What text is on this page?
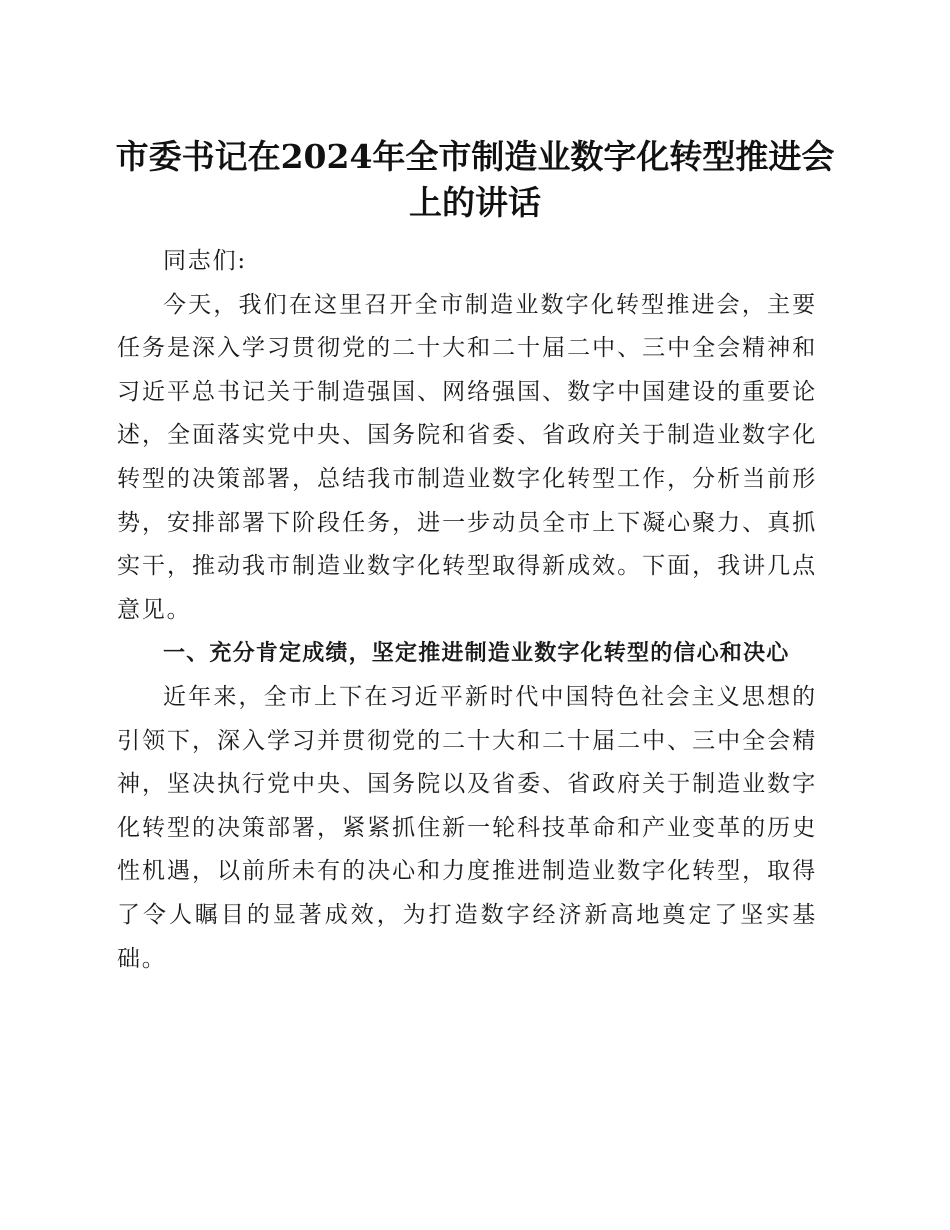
市委书记在2024年全市制造业数字化转型推进会上的讲话

同志们:

今天，我们在这里召开全市制造业数字化转型推进会，主要任务是深入学习贯彻党的二十大和二十届二中、三中全会精神和习近平总书记关于制造强国、网络强国、数字中国建设的重要论述，全面落实党中央、国务院和省委、省政府关于制造业数字化转型的决策部署，总结我市制造业数字化转型工作，分析当前形势，安排部署下阶段任务，进一步动员全市上下凝心聚力、真抓实干，推动我市制造业数字化转型取得新成效。下面，我讲几点意见。

一、充分肯定成绩，坚定推进制造业数字化转型的信心和决心

近年来，全市上下在习近平新时代中国特色社会主义思想的引领下，深入学习并贯彻党的二十大和二十届二中、三中全会精神，坚决执行党中央、国务院以及省委、省政府关于制造业数字化转型的决策部署，紧紧抓住新一轮科技革命和产业变革的历史性机遇，以前所未有的决心和力度推进制造业数字化转型，取得了令人瞩目的显著成效，为打造数字经济新高地奠定了坚实基础。
